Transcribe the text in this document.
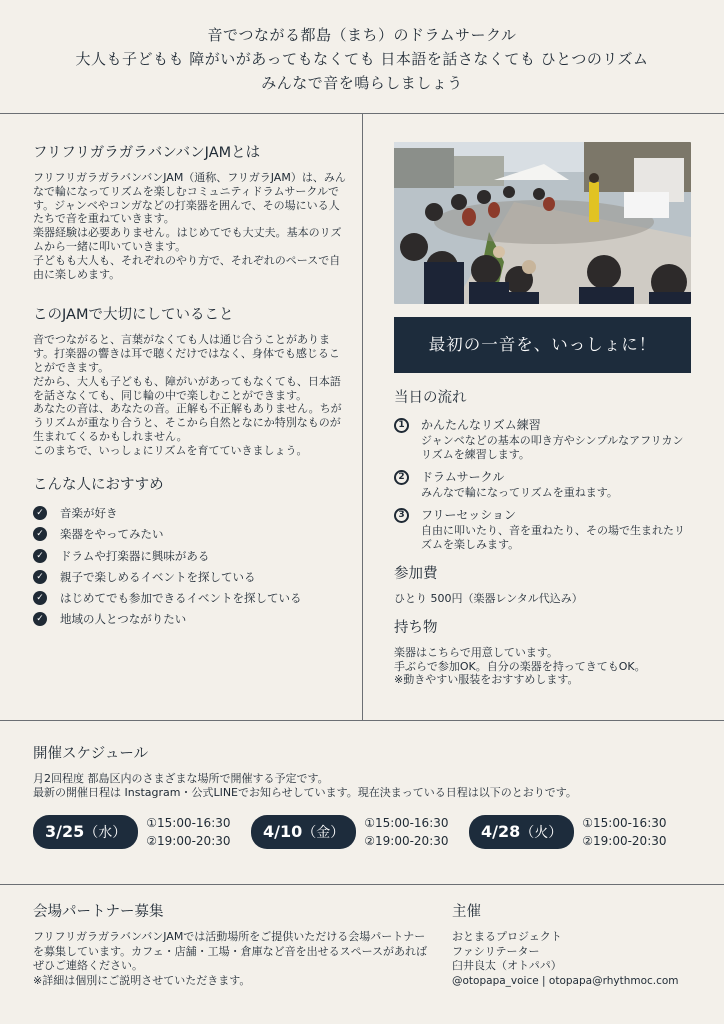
音でつながる都島（まち）のドラムサークル
大人も子どもも 障がいがあってもなくても 日本語を話さなくても ひとつのリズム
みんなで音を鳴らしましょう
フリフリガラガラバンバンJAMとは
フリフリガラガラバンバンJAM（通称、フリガラJAM）は、みんなで輪になってリズムを楽しむコミュニティドラムサークルです。ジャンベやコンガなどの打楽器を囲んで、その場にいる人たちで音を重ねていきます。
楽器経験は必要ありません。はじめてでも大丈夫。基本のリズムから一緒に叩いていきます。
子どもも大人も、それぞれのやり方で、それぞれのペースで自由に楽しめます。
このJAMで大切にしていること
音でつながると、言葉がなくても人は通じ合うことがあります。打楽器の響きは耳で聴くだけではなく、身体でも感じることができます。
だから、大人も子どもも、障がいがあってもなくても、日本語を話さなくても、同じ輪の中で楽しむことができます。
あなたの音は、あなたの音。正解も不正解もありません。ちがうリズムが重なり合うと、そこから自然となにか特別なものが生まれてくるかもしれません。
このまちで、いっしょにリズムを育てていきましょう。
こんな人におすすめ
✓ 音楽が好き
✓ 楽器をやってみたい
✓ ドラムや打楽器に興味がある
✓ 親子で楽しめるイベントを探している
✓ はじめてでも参加できるイベントを探している
✓ 地域の人とつながりたい
最初の一音を、いっしょに！
当日の流れ
1	かんたんなリズム練習
ジャンベなどの基本の叩き方やシンプルなアフリカンリズムを練習します。
2	ドラムサークル
みんなで輪になってリズムを重ねます。
3	フリーセッション
自由に叩いたり、音を重ねたり、その場で生まれたリズムを楽しみます。
参加費
ひとり 500円（楽器レンタル代込み）
持ち物
楽器はこちらで用意しています。
手ぶらで参加OK。自分の楽器を持ってきてもOK。
※動きやすい服装をおすすめします。
開催スケジュール
月2回程度 都島区内のさまざまな場所で開催する予定です。
最新の開催日程は Instagram・公式LINEでお知らせしています。現在決まっている日程は以下のとおりです。
3/25（水）
①15:00-16:30
②19:00-20:30	4/10（金）
①15:00-16:30
②19:00-20:30	4/28（火）
①15:00-16:30
②19:00-20:30
会場パートナー募集
フリフリガラガラバンバンJAMでは活動場所をご提供いただける会場パートナーを募集しています。カフェ・店舗・工場・倉庫など音を出せるスペースがあればぜひご連絡ください。
※詳細は個別にご説明させていただきます。
主催
おとまるプロジェクト
ファシリテーター
臼井良太（オトパパ）
@otopapa_voice | otopapa@rhythmoc.com
